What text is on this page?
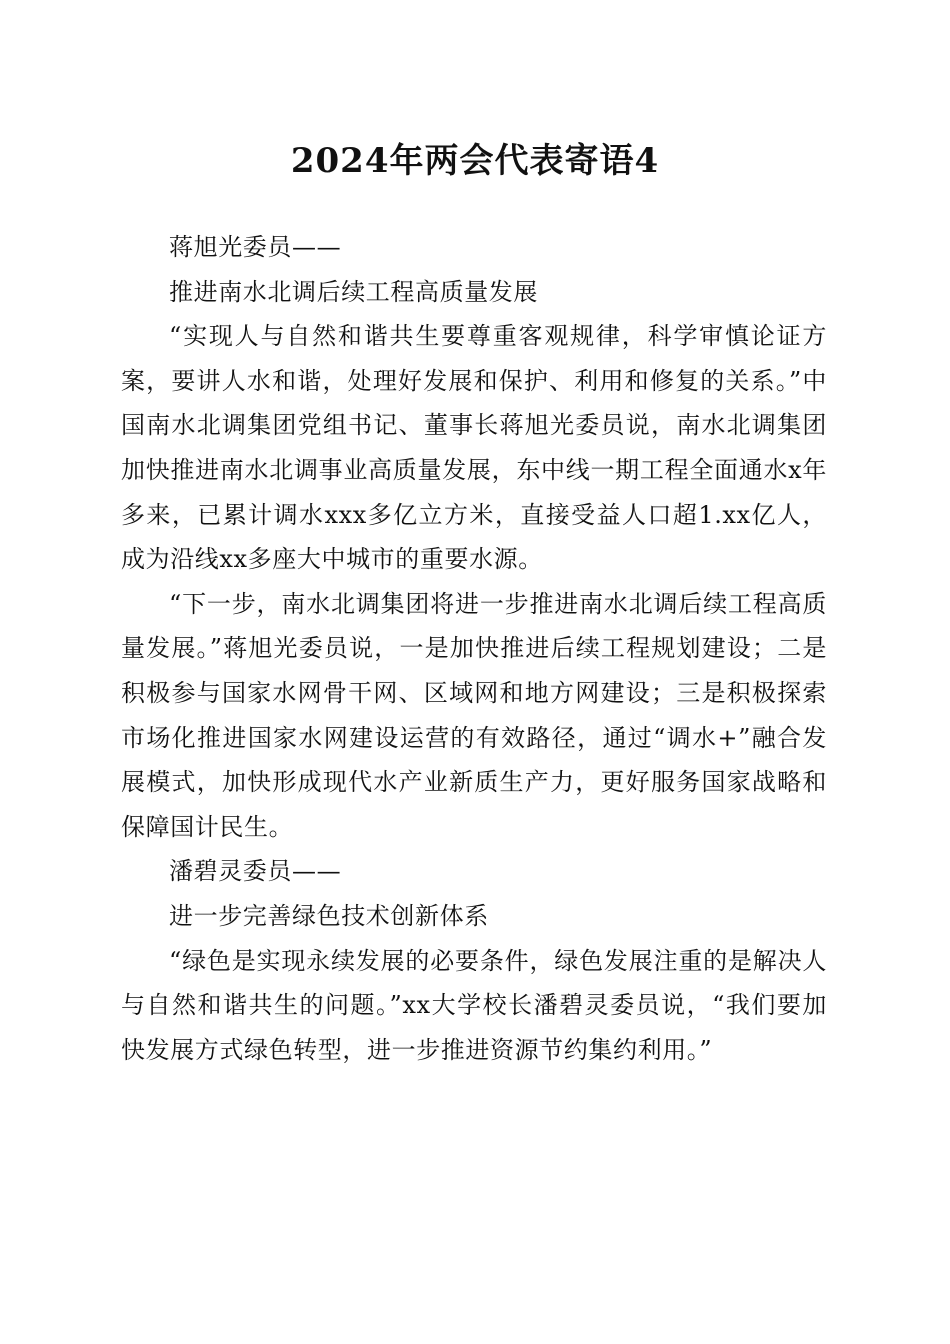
2024年两会代表寄语4

蒋旭光委员——

推进南水北调后续工程高质量发展

“实现人与自然和谐共生要尊重客观规律，科学审慎论证方案，要讲人水和谐，处理好发展和保护、利用和修复的关系。”中国南水北调集团党组书记、董事长蒋旭光委员说，南水北调集团加快推进南水北调事业高质量发展，东中线一期工程全面通水x年多来，已累计调水xxx多亿立方米，直接受益人口超1.xx亿人，成为沿线xx多座大中城市的重要水源。

“下一步，南水北调集团将进一步推进南水北调后续工程高质量发展。”蒋旭光委员说，一是加快推进后续工程规划建设；二是积极参与国家水网骨干网、区域网和地方网建设；三是积极探索市场化推进国家水网建设运营的有效路径，通过“调水+”融合发展模式，加快形成现代水产业新质生产力，更好服务国家战略和保障国计民生。

潘碧灵委员——

进一步完善绿色技术创新体系

“绿色是实现永续发展的必要条件，绿色发展注重的是解决人与自然和谐共生的问题。”xx大学校长潘碧灵委员说，“我们要加快发展方式绿色转型，进一步推进资源节约集约利用。”
